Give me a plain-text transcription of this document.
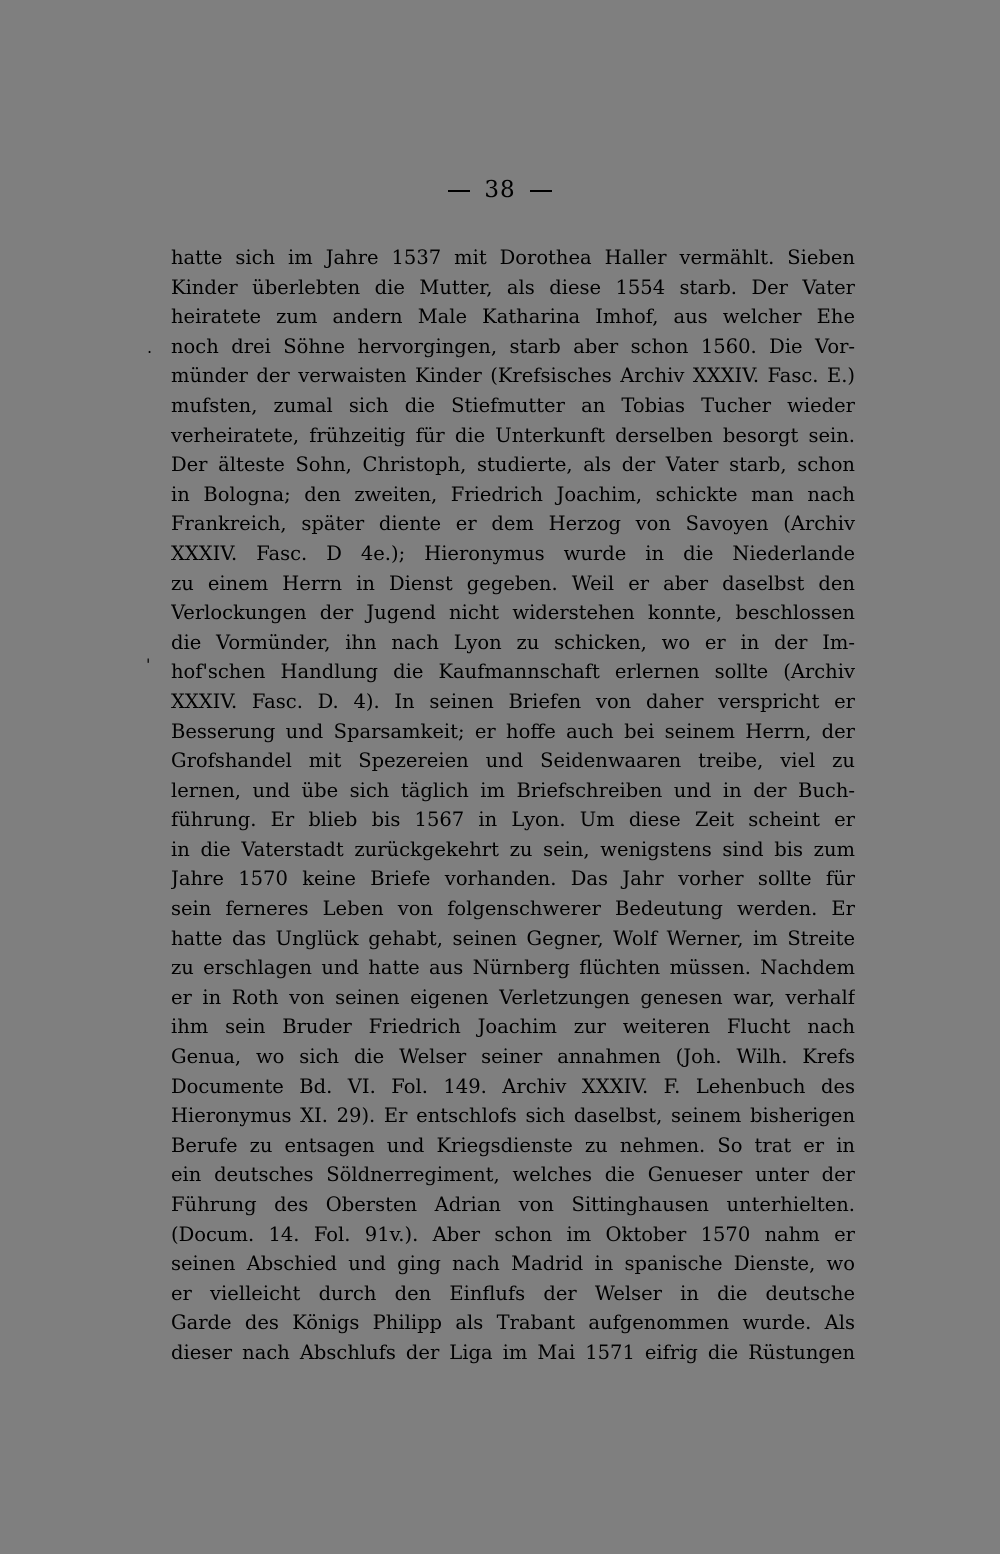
38
.
'
hatte sich im Jahre 1537 mit Dorothea Haller vermählt. Sieben
Kinder überlebten die Mutter, als diese 1554 starb. Der Vater
heiratete zum andern Male Katharina Imhof, aus welcher Ehe
noch drei Söhne hervorgingen, starb aber schon 1560. Die Vor-
münder der verwaisten Kinder (Krefsisches Archiv XXXIV. Fasc. E.)
mufsten, zumal sich die Stiefmutter an Tobias Tucher wieder
verheiratete, frühzeitig für die Unterkunft derselben besorgt sein.
Der älteste Sohn, Christoph, studierte, als der Vater starb, schon
in Bologna; den zweiten, Friedrich Joachim, schickte man nach
Frankreich, später diente er dem Herzog von Savoyen (Archiv
XXXIV. Fasc. D 4e.); Hieronymus wurde in die Niederlande
zu einem Herrn in Dienst gegeben. Weil er aber daselbst den
Verlockungen der Jugend nicht widerstehen konnte, beschlossen
die Vormünder, ihn nach Lyon zu schicken, wo er in der Im-
hof'schen Handlung die Kaufmannschaft erlernen sollte (Archiv
XXXIV. Fasc. D. 4). In seinen Briefen von daher verspricht er
Besserung und Sparsamkeit; er hoffe auch bei seinem Herrn, der
Grofshandel mit Spezereien und Seidenwaaren treibe, viel zu
lernen, und übe sich täglich im Briefschreiben und in der Buch-
führung. Er blieb bis 1567 in Lyon. Um diese Zeit scheint er
in die Vaterstadt zurückgekehrt zu sein, wenigstens sind bis zum
Jahre 1570 keine Briefe vorhanden. Das Jahr vorher sollte für
sein ferneres Leben von folgenschwerer Bedeutung werden. Er
hatte das Unglück gehabt, seinen Gegner, Wolf Werner, im Streite
zu erschlagen und hatte aus Nürnberg flüchten müssen. Nachdem
er in Roth von seinen eigenen Verletzungen genesen war, verhalf
ihm sein Bruder Friedrich Joachim zur weiteren Flucht nach
Genua, wo sich die Welser seiner annahmen (Joh. Wilh. Krefs
Documente Bd. VI. Fol. 149. Archiv XXXIV. F. Lehenbuch des
Hieronymus XI. 29). Er entschlofs sich daselbst, seinem bisherigen
Berufe zu entsagen und Kriegsdienste zu nehmen. So trat er in
ein deutsches Söldnerregiment, welches die Genueser unter der
Führung des Obersten Adrian von Sittinghausen unterhielten.
(Docum. 14. Fol. 91v.). Aber schon im Oktober 1570 nahm er
seinen Abschied und ging nach Madrid in spanische Dienste, wo
er vielleicht durch den Einflufs der Welser in die deutsche
Garde des Königs Philipp als Trabant aufgenommen wurde. Als
dieser nach Abschlufs der Liga im Mai 1571 eifrig die Rüstungen
